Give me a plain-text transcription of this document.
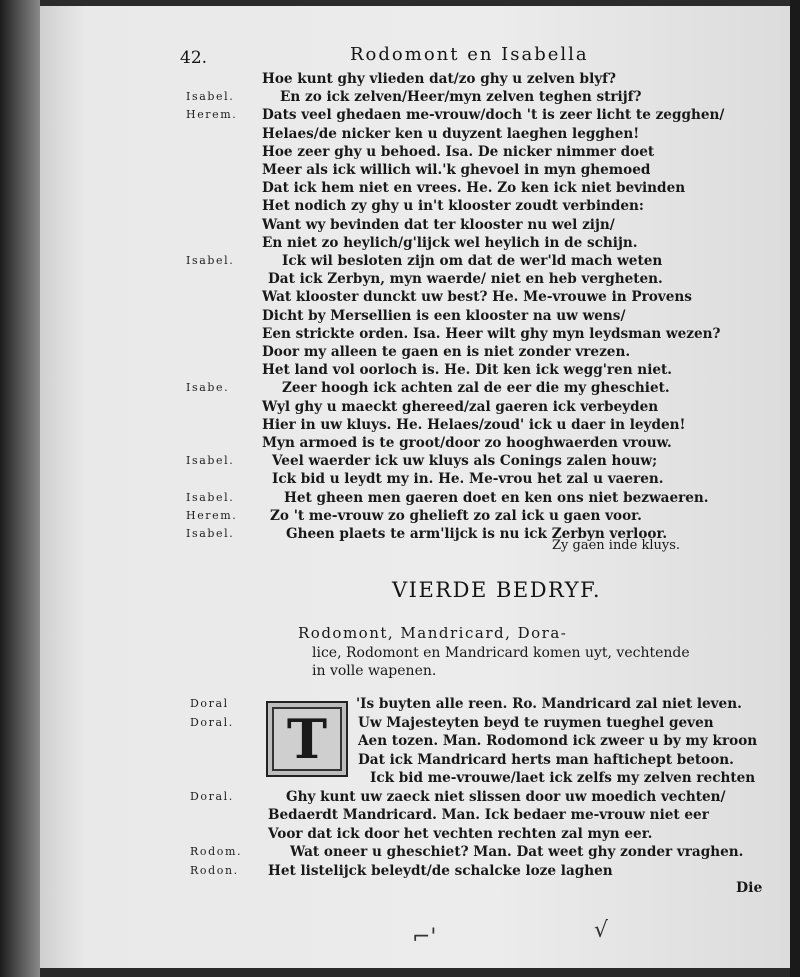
42.	Rodomont en Isabella
Zy gaen inde kluys.
VIERDE BEDRYF.
Rodomont, Mandricard, Dora-
lice, Rodomont en Mandricard komen uyt, vechtende
in volle wapenen.
T
Die
⌐'	√
Hoe kunt ghy vlieden dat/zo ghy u zelven blyf?
Isabel.	En zo ick zelven/Heer/myn zelven teghen strijf?
Herem. Dats veel ghedaen me-vrouw/doch 't is zeer licht te zegghen/
Helaes/de nicker ken u duyzent laeghen legghen!
Hoe zeer ghy u behoed. Isa. De nicker nimmer doet
Meer als ick willich wil.'k ghevoel in myn ghemoed
Dat ick hem niet en vrees. He. Zo ken ick niet bevinden
Het nodich zy ghy u in't klooster zoudt verbinden:
Want wy bevinden dat ter klooster nu wel zijn/
En niet zo heylich/g'lijck wel heylich in de schijn.
Isabel.	Ick wil besloten zijn om dat de wer'ld mach weten
Dat ick Zerbyn, myn waerde/ niet en heb vergheten.
Wat klooster dunckt uw best? He. Me-vrouwe in Provens
Dicht by Mersellien is een klooster na uw wens/
Een strickte orden. Isa. Heer wilt ghy myn leydsman wezen?
Door my alleen te gaen en is niet zonder vrezen.
Het land vol oorloch is. He. Dit ken ick wegg'ren niet.
Isabe.	Zeer hoogh ick achten zal de eer die my gheschiet.
Wyl ghy u maeckt ghereed/zal gaeren ick verbeyden
Hier in uw kluys. He. Helaes/zoud' ick u daer in leyden!
Myn armoed is te groot/door zo hooghwaerden vrouw.
Isabel.	Veel waerder ick uw kluys als Conings zalen houw;
Ick bid u leydt my in. He. Me-vrou het zal u vaeren.
Isabel.	Het gheen men gaeren doet en ken ons niet bezwaeren.
Herem. Zo 't me-vrouw zo ghelieft zo zal ick u gaen voor.
Isabel.	Gheen plaets te arm'lijck is nu ick Zerbyn verloor.
Doral	'Is buyten alle reen. Ro. Mandricard zal niet leven.
Doral.	Uw Majesteyten beyd te ruymen tueghel geven
Aen tozen. Man. Rodomond ick zweer u by my kroon
Dat ick Mandricard herts man haftichept betoon.
Ick bid me-vrouwe/laet ick zelfs my zelven rechten
Doral.	Ghy kunt uw zaeck niet slissen door uw moedich vechten/
Bedaerdt Mandricard. Man. Ick bedaer me-vrouw niet eer
Voor dat ick door het vechten rechten zal myn eer.
Rodom.	Wat oneer u gheschiet? Man. Dat weet ghy zonder vraghen.
Rodon. Het listelijck beleydt/de schalcke loze laghen
